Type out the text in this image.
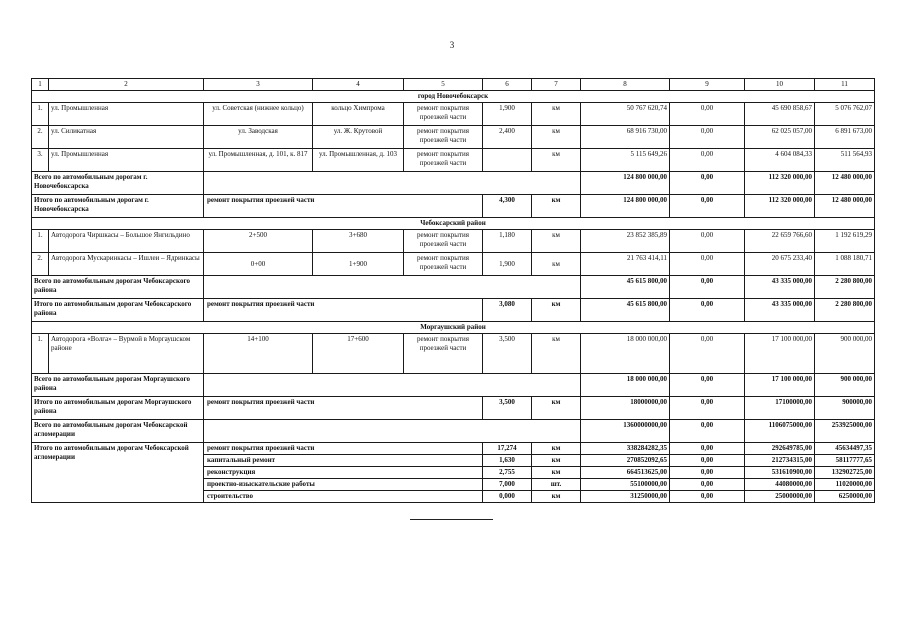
3
1	2	3	4	5	6	7	8	9	10	11
город Новочебоксарск										
1.	ул. Промышленная	ул. Советская (нижнее кольцо)	кольцо Химпрома	ремонт покрытия проезжей части	1,900	км	50 767 620,74	0,00	45 690 858,67	5 076 762,07
2.	ул. Силикатная	ул. Заводская	ул. Ж. Крутовой	ремонт покрытия проезжей части	2,400	км	68 916 730,00	0,00	62 025 057,00	6 891 673,00
3.	ул. Промышленная	ул. Промышленная, д. 101, к. 817	ул. Промышленная, д. 103	ремонт покрытия проезжей части		км	5 115 649,26	0,00	4 604 084,33	511 564,93
Всего по автомобильным дорогам г. Новочебоксарска							124 800 000,00	0,00	112 320 000,00	12 480 000,00
Итого по автомобильным дорогам г. Новочебоксарска		ремонт покрытия проезжей части			4,300	км	124 800 000,00	0,00	112 320 000,00	12 480 000,00
Чебоксарский район										
1.	Автодорога Чиршкасы – Большое Янгильдино	2+500	3+680	ремонт покрытия проезжей части	1,180	км	23 852 385,89	0,00	22 659 766,60	1 192 619,29
2.	Автодорога Мускаринкасы – Ишлеи – Ядринкасы	0+00	1+900	ремонт покрытия проезжей части	1,900	км	21 763 414,11	0,00	20 675 233,40	1 088 180,71
Всего по автомобильным дорогам Чебоксарского района							45 615 800,00	0,00	43 335 000,00	2 280 800,00
Итого по автомобильным дорогам Чебоксарского района		ремонт покрытия проезжей части			3,080	км	45 615 800,00	0,00	43 335 000,00	2 280 800,00
Моргаушский район										
1.	Автодорога «Волга» – Вурмой в Моргаушском районе	14+100	17+600	ремонт покрытия проезжей части	3,500	км	18 000 000,00	0,00	17 100 000,00	900 000,00
Всего по автомобильным дорогам Моргаушского района							18 000 000,00	0,00	17 100 000,00	900 000,00
Итого по автомобильным дорогам Моргаушского района		ремонт покрытия проезжей части			3,500	км	18000000,00	0,00	17100000,00	900000,00
Всего по автомобильным дорогам Чебоксарской агломерации							1360000000,00	0,00	1106075000,00	253925000,00
Итого по автомобильным дорогам Чебоксарской агломерации		ремонт покрытия проезжей части			17,274	км	338284282,35	0,00	292649785,00	45634497,35
		капитальный ремонт			1,630	км	270852092,65	0,00	212734315,00	58117777,65
		реконструкция			2,755	км	664513625,00	0,00	531610900,00	132902725,00
		проектно-изыскательские работы			7,000	шт.	55100000,00	0,00	44080000,00	11020000,00
		строительство			0,000	км	31250000,00	0,00	25000000,00	6250000,00
